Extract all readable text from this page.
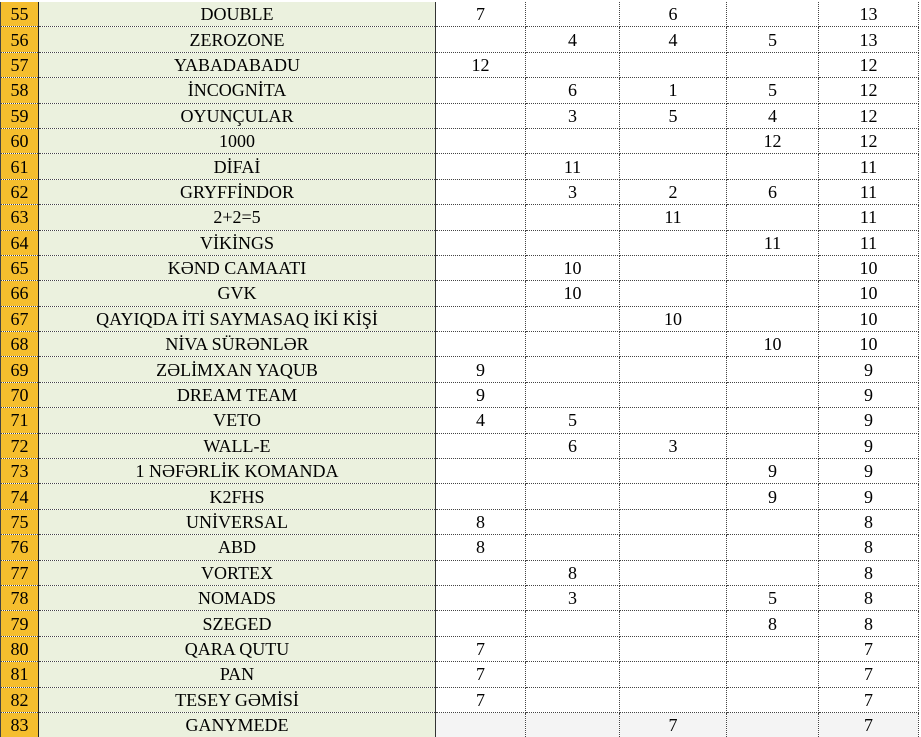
55	DOUBLE	7		6		13
56	ZEROZONE		4	4	5	13
57	YABADABADU	12				12
58	İNCOGNİTA		6	1	5	12
59	OYUNÇULAR		3	5	4	12
60	1000				12	12
61	DİFAİ		11			11
62	GRYFFİNDOR		3	2	6	11
63	2+2=5			11		11
64	VİKİNGS				11	11
65	KƏND CAMAATI		10			10
66	GVK		10			10
67	QAYIQDA İTİ SAYMASAQ İKİ KİŞİ			10		10
68	NİVA SÜRƏNLƏR				10	10
69	ZƏLİMXAN YAQUB	9				9
70	DREAM TEAM	9				9
71	VETO	4	5			9
72	WALL-E		6	3		9
73	1 NƏFƏRLİK KOMANDA				9	9
74	K2FHS				9	9
75	UNİVERSAL	8				8
76	ABD	8				8
77	VORTEX		8			8
78	NOMADS		3		5	8
79	SZEGED				8	8
80	QARA QUTU	7				7
81	PAN	7				7
82	TESEY GƏMİSİ	7				7
83	GANYMEDE			7		7
